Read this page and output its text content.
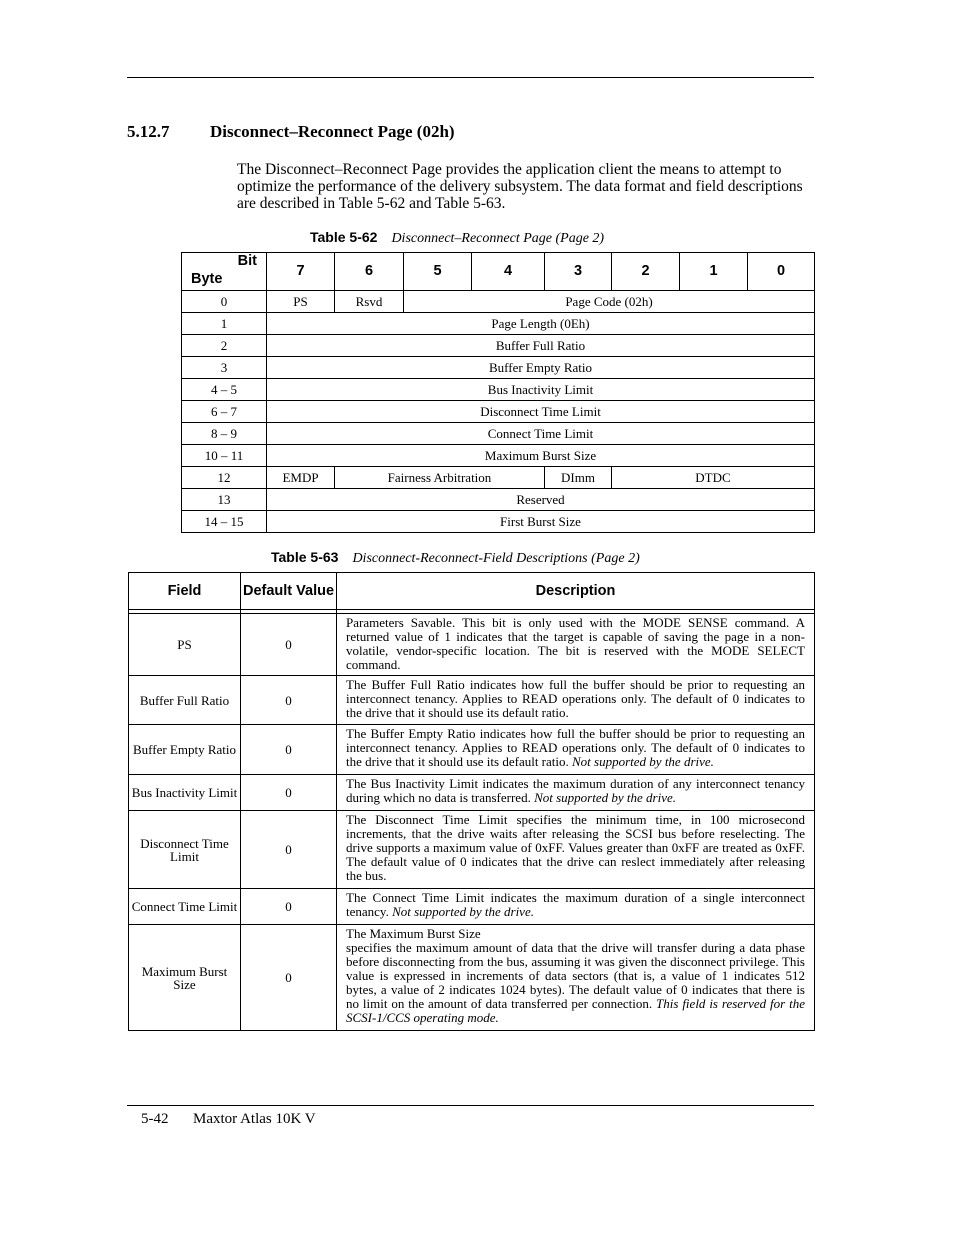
5.12.7 Disconnect–Reconnect Page (02h)

The Disconnect–Reconnect Page provides the application client the means to attempt to optimize the performance of the delivery subsystem. The data format and field descriptions are described in Table 5-62 and Table 5-63.

Table 5-62 Disconnect–Reconnect Page (Page 2)
Bit
Byte	7	6	5	4	3	2	1	0
0	PS	Rsvd	Page Code (02h)					
1	Page Length (0Eh)							
2	Buffer Full Ratio							
3	Buffer Empty Ratio							
4 – 5	Bus Inactivity Limit							
6 – 7	Disconnect Time Limit							
8 – 9	Connect Time Limit							
10 – 11	Maximum Burst Size							
12	EMDP	Fairness Arbitration			DImm	DTDC		
13	Reserved							
14 – 15	First Burst Size							
Table 5-63 Disconnect-Reconnect-Field Descriptions (Page 2)
Field	Default Value	Description

PS	0	Parameters Savable. This bit is only used with the MODE SENSE command. A returned value of 1 indicates that the target is capable of saving the page in a non-volatile, vendor-specific location. The bit is reserved with the MODE SELECT command.
Buffer Full Ratio	0	The Buffer Full Ratio indicates how full the buffer should be prior to requesting an interconnect tenancy. Applies to READ operations only. The default of 0 indicates to the drive that it should use its default ratio.
Buffer Empty Ratio	0	The Buffer Empty Ratio indicates how full the buffer should be prior to requesting an interconnect tenancy. Applies to READ operations only. The default of 0 indicates to the drive that it should use its default ratio. Not supported by the drive.
Bus Inactivity Limit	0	The Bus Inactivity Limit indicates the maximum duration of any interconnect tenancy during which no data is transferred. Not supported by the drive.
Disconnect Time Limit	0	The Disconnect Time Limit specifies the minimum time, in 100 microsecond increments, that the drive waits after releasing the SCSI bus before reselecting. The drive supports a maximum value of 0xFF. Values greater than 0xFF are treated as 0xFF. The default value of 0 indicates that the drive can reslect immediately after releasing the bus.
Connect Time Limit	0	The Connect Time Limit indicates the maximum duration of a single interconnect tenancy. Not supported by the drive.
Maximum Burst Size	0	The Maximum Burst Size
specifies the maximum amount of data that the drive will transfer during a data phase before disconnecting from the bus, assuming it was given the disconnect privilege. This value is expressed in increments of data sectors (that is, a value of 1 indicates 512 bytes, a value of 2 indicates 1024 bytes). The default value of 0 indicates that there is no limit on the amount of data transferred per connection. This field is reserved for the SCSI-1/CCS operating mode.
5-42 Maxtor Atlas 10K V
